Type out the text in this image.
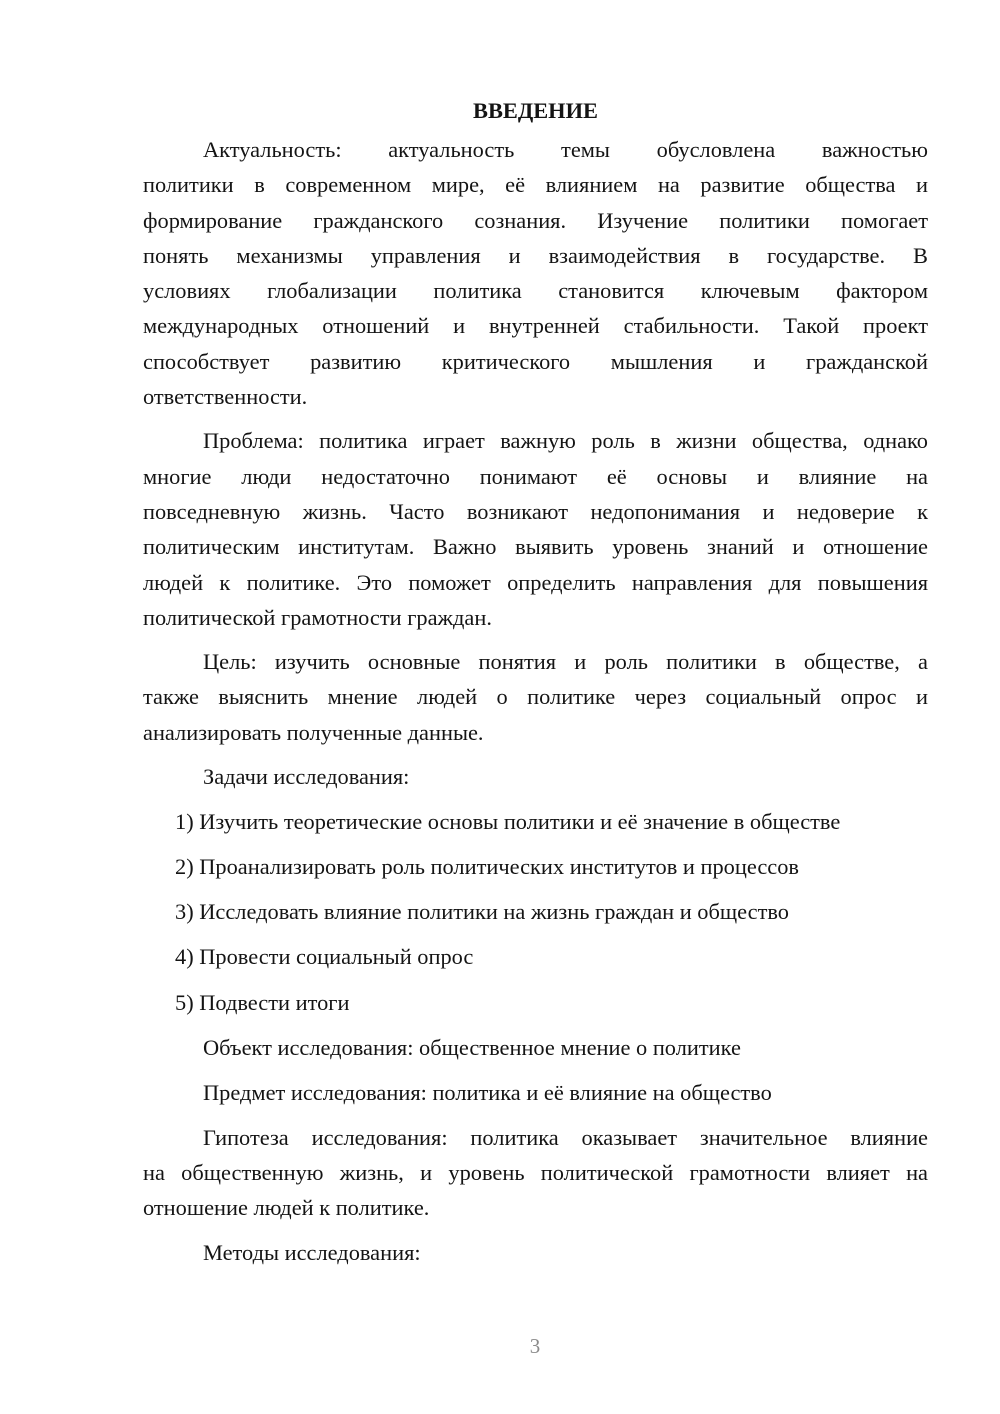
ВВЕДЕНИЕ
Актуальность: актуальность темы обусловлена важностью
политики в современном мире, её влиянием на развитие общества и
формирование гражданского сознания. Изучение политики помогает
понять механизмы управления и взаимодействия в государстве. В
условиях глобализации политика становится ключевым фактором
международных отношений и внутренней стабильности. Такой проект
способствует развитию критического мышления и гражданской
ответственности.
Проблема: политика играет важную роль в жизни общества, однако
многие люди недостаточно понимают её основы и влияние на
повседневную жизнь. Часто возникают недопонимания и недоверие к
политическим институтам. Важно выявить уровень знаний и отношение
людей к политике. Это поможет определить направления для повышения
политической грамотности граждан.
Цель: изучить основные понятия и роль политики в обществе, а
также выяснить мнение людей о политике через социальный опрос и
анализировать полученные данные.
Задачи исследования:
1) Изучить теоретические основы политики и её значение в обществе
2) Проанализировать роль политических институтов и процессов
3) Исследовать влияние политики на жизнь граждан и общество
4) Провести социальный опрос
5) Подвести итоги
Объект исследования: общественное мнение о политике
Предмет исследования: политика и её влияние на общество
Гипотеза исследования: политика оказывает значительное влияние
на общественную жизнь, и уровень политической грамотности влияет на
отношение людей к политике.
Методы исследования:
3
